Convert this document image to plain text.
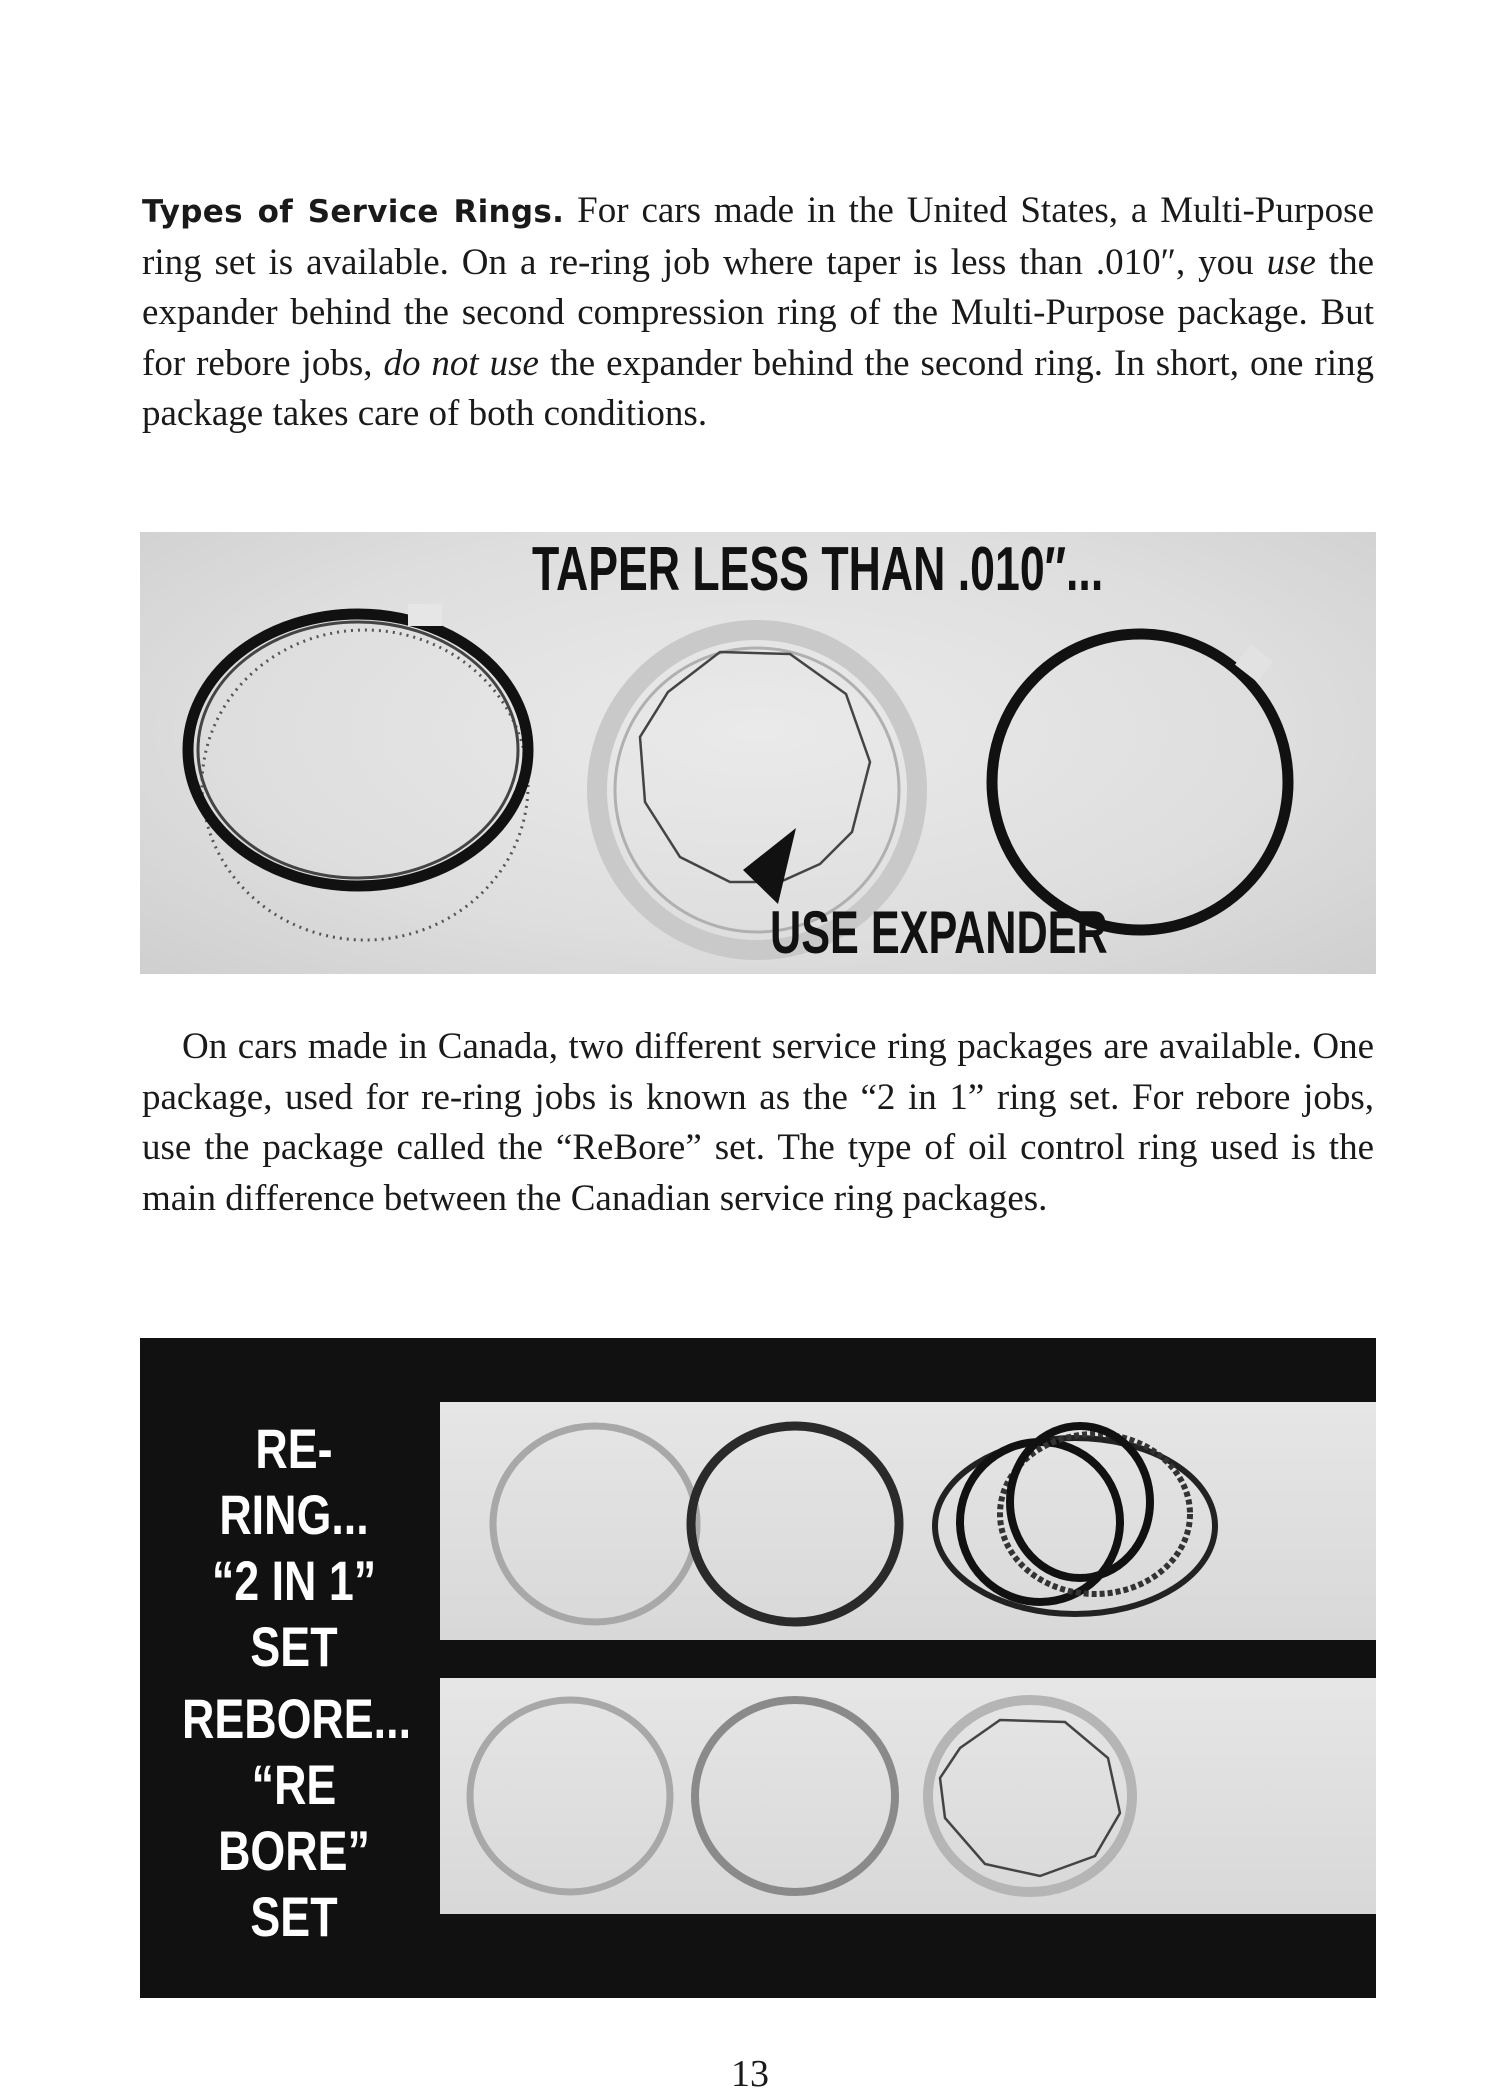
Types of Service Rings. For cars made in the United States, a Multi-Purpose ring set is available. On a re-ring job where taper is less than .010″, you use the expander behind the second compression ring of the Multi-Purpose package. But for rebore jobs, do not use the expander behind the second ring. In short, one ring package takes care of both conditions.

TAPER LESS THAN .010″...
USE EXPANDER

On cars made in Canada, two different service ring packages are available. One package, used for re-ring jobs is known as the “2 in 1” ring set. For rebore jobs, use the package called the “ReBore” set. The type of oil control ring used is the main difference between the Canadian service ring packages.

RE-RING...
“2 IN 1”
SET
REBORE...
“RE BORE”
SET
13
